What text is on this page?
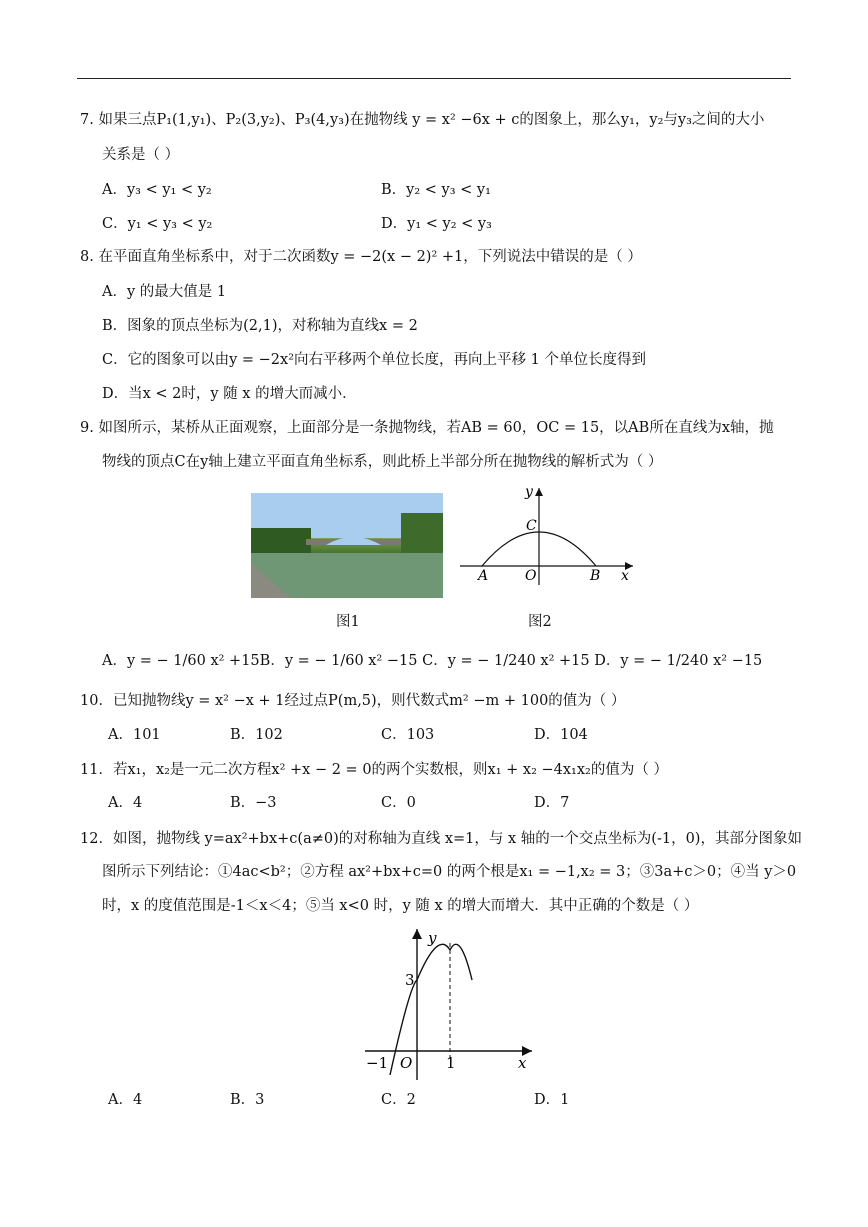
7. 如果三点P₁(1,y₁)、P₂(3,y₂)、P₃(4,y₃)在抛物线 y = x² −6x + c的图象上，那么y₁，y₂与y₃之间的大小
关系是（ ）
A．y₃ < y₁ < y₂	B．y₂ < y₃ < y₁
C．y₁ < y₃ < y₂	D．y₁ < y₂ < y₃
8. 在平面直角坐标系中，对于二次函数y = −2(x − 2)² +1，下列说法中错误的是（ ）
A．y 的最大值是 1
B．图象的顶点坐标为(2,1)，对称轴为直线x = 2
C．它的图象可以由y = −2x²向右平移两个单位长度，再向上平移 1 个单位长度得到
D．当x < 2时，y 随 x 的增大而减小．
9. 如图所示，某桥从正面观察，上面部分是一条抛物线，若AB = 60，OC = 15，以AB所在直线为x轴，抛
物线的顶点C在y轴上建立平面直角坐标系，则此桥上半部分所在抛物线的解析式为（ ）
图1
y
C
A	O	B x
图2
A．y = − 1/60 x² +15B．y = − 1/60 x² −15 C．y = − 1/240 x² +15 D．y = − 1/240 x² −15
10．已知抛物线y = x² −x + 1经过点P(m,5)，则代数式m² −m + 100的值为（ ）
A．101	B．102	C．103	D．104
11．若x₁，x₂是一元二次方程x² +x − 2 = 0的两个实数根，则x₁ + x₂ −4x₁x₂的值为（ ）
A．4	B．−3	C．0	D．7
12．如图，抛物线 y=ax²+bx+c(a≠0)的对称轴为直线 x=1，与 x 轴的一个交点坐标为(-1，0)，其部分图象如
图所示下列结论：①4ac<b²；②方程 ax²+bx+c=0 的两个根是x₁ = −1,x₂ = 3；③3a+c＞0；④当 y＞0
时，x 的度值范围是-1＜x＜4；⑤当 x<0 时，y 随 x 的增大而增大．其中正确的个数是（ ）
y
3
−1 O 1	x
A．4	B．3	C．2	D．1
